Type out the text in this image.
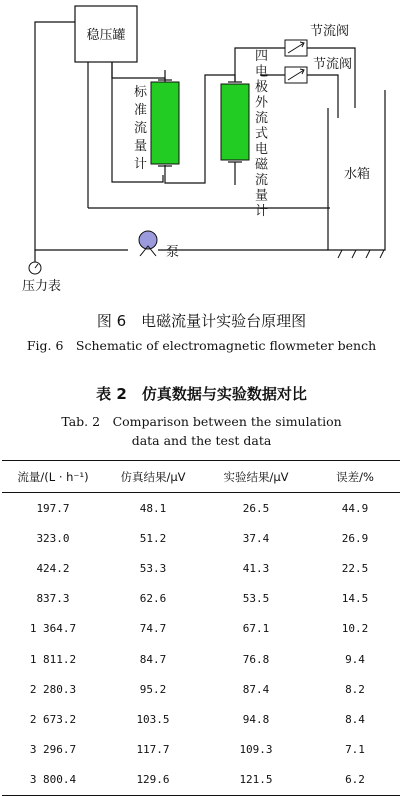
稳压罐
标
准
流
量
计
四
电
极
外
流
式
电
磁
流
量
计
节流阀
节流阀
水箱
泵
压力表
图 6　电磁流量计实验台原理图
Fig. 6　Schematic of electromagnetic flowmeter bench
表 2　仿真数据与实验数据对比
Tab. 2　Comparison between the simulation
data and the test data
流量/(L · h⁻¹)	仿真结果/μV	实验结果/μV	误差/%
197.7	48.1	26.5	44.9
323.0	51.2	37.4	26.9
424.2	53.3	41.3	22.5
837.3	62.6	53.5	14.5
1 364.7	74.7	67.1	10.2
1 811.2	84.7	76.8	9.4
2 280.3	95.2	87.4	8.2
2 673.2	103.5	94.8	8.4
3 296.7	117.7	109.3	7.1
3 800.4	129.6	121.5	6.2
